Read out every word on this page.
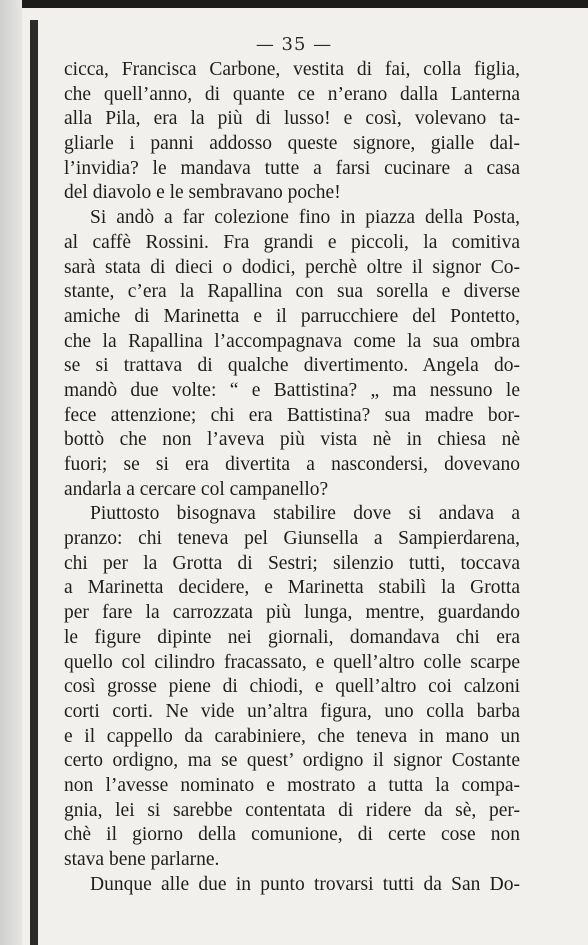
— 35 —
cicca, Francisca Carbone, vestita di fai, colla figlia,
che quell’anno, di quante ce n’erano dalla Lanterna
alla Pila, era la più di lusso! e così, volevano ta-
gliarle i panni addosso queste signore, gialle dal-
l’invidia? le mandava tutte a farsi cucinare a casa
del diavolo e le sembravano poche!
Si andò a far colezione fino in piazza della Posta,
al caffè Rossini. Fra grandi e piccoli, la comitiva
sarà stata di dieci o dodici, perchè oltre il signor Co-
stante, c’era la Rapallina con sua sorella e diverse
amiche di Marinetta e il parrucchiere del Pontetto,
che la Rapallina l’accompagnava come la sua ombra
se si trattava di qualche divertimento. Angela do-
mandò due volte: “ e Battistina? „ ma nessuno le
fece attenzione; chi era Battistina? sua madre bor-
bottò che non l’aveva più vista nè in chiesa nè
fuori; se si era divertita a nascondersi, dovevano
andarla a cercare col campanello?
Piuttosto bisognava stabilire dove si andava a
pranzo: chi teneva pel Giunsella a Sampierdarena,
chi per la Grotta di Sestri; silenzio tutti, toccava
a Marinetta decidere, e Marinetta stabilì la Grotta
per fare la carrozzata più lunga, mentre, guardando
le figure dipinte nei giornali, domandava chi era
quello col cilindro fracassato, e quell’altro colle scarpe
così grosse piene di chiodi, e quell’altro coi calzoni
corti corti. Ne vide un’altra figura, uno colla barba
e il cappello da carabiniere, che teneva in mano un
certo ordigno, ma se quest’ ordigno il signor Costante
non l’avesse nominato e mostrato a tutta la compa-
gnia, lei si sarebbe contentata di ridere da sè, per-
chè il giorno della comunione, di certe cose non
stava bene parlarne.
Dunque alle due in punto trovarsi tutti da San Do-
